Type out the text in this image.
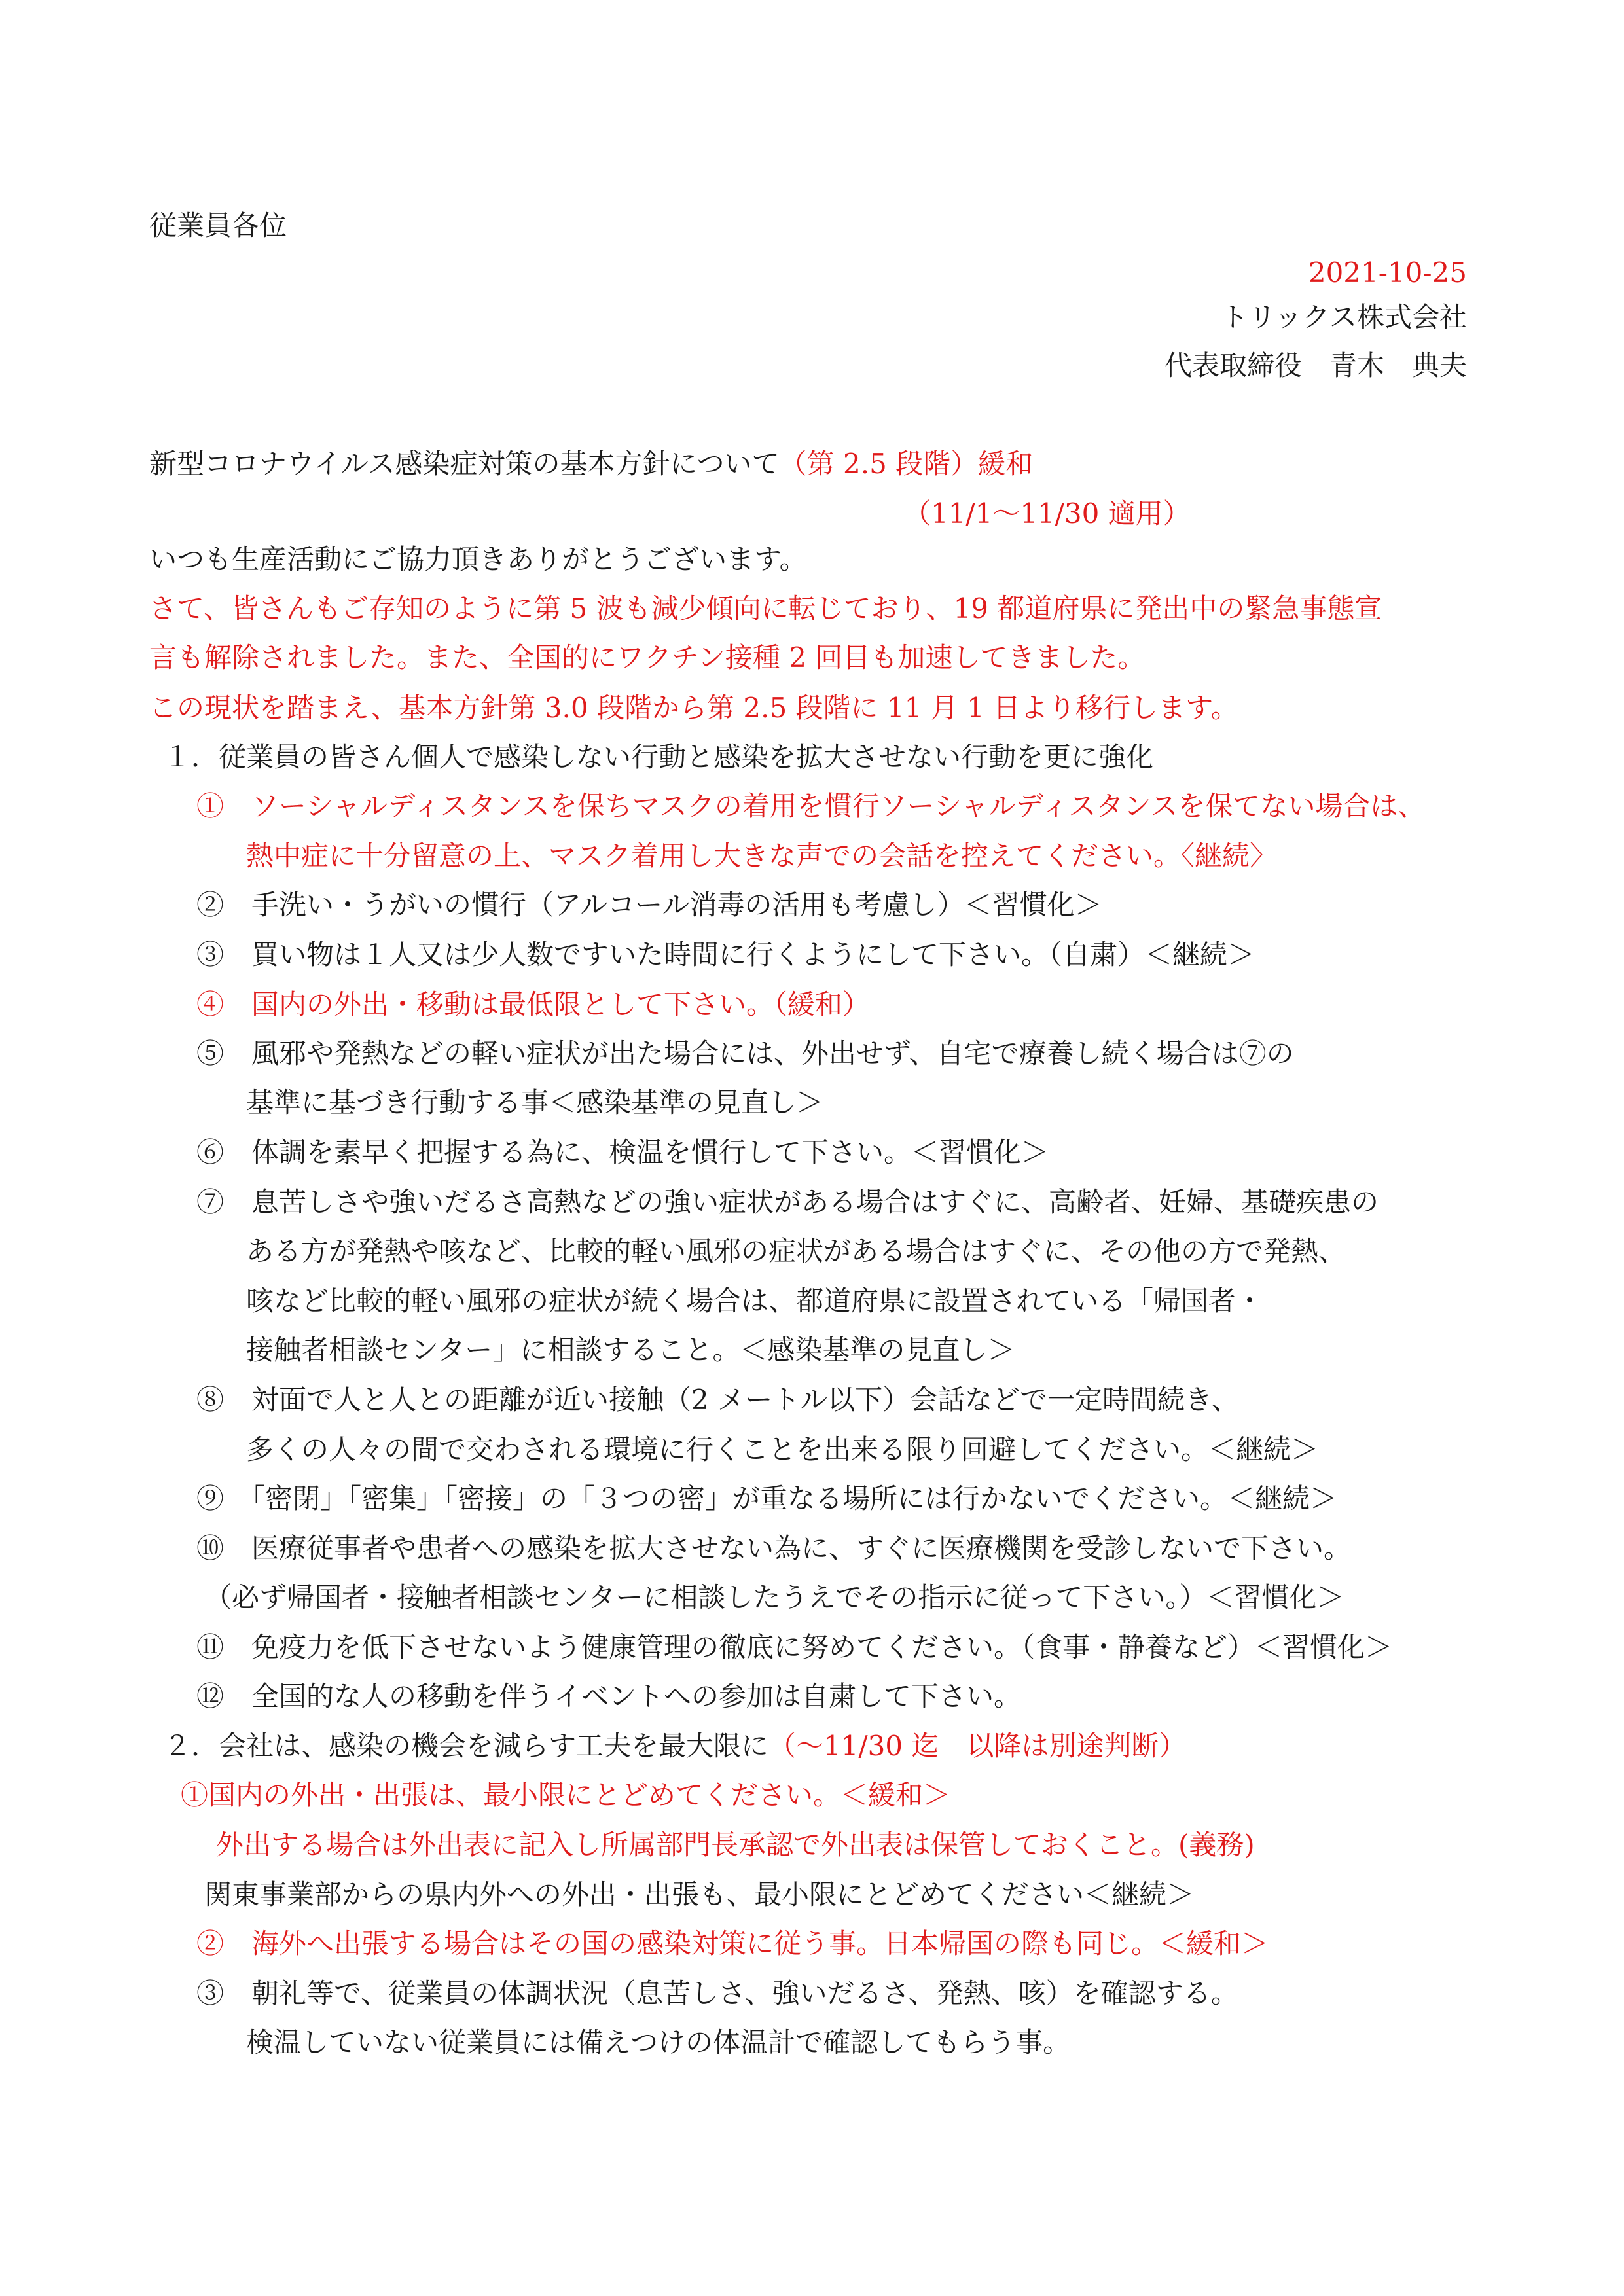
従業員各位
2021-10-25
トリックス株式会社
代表取締役　青木　典夫
新型コロナウイルス感染症対策の基本方針について（第 2.5 段階）緩和
（11/1～11/30 適用）
いつも生産活動にご協力頂きありがとうございます。
さて、皆さんもご存知のように第 5 波も減少傾向に転じており、19 都道府県に発出中の緊急事態宣
言も解除されました。また、全国的にワクチン接種 2 回目も加速してきました。
この現状を踏まえ、基本方針第 3.0 段階から第 2.5 段階に 11 月 1 日より移行します。
１．従業員の皆さん個人で感染しない行動と感染を拡大させない行動を更に強化
①　ソーシャルディスタンスを保ちマスクの着用を慣行ソーシャルディスタンスを保てない場合は、
熱中症に十分留意の上、マスク着用し大きな声での会話を控えてください。〈継続〉
②　手洗い・うがいの慣行（アルコール消毒の活用も考慮し）＜習慣化＞
③　買い物は１人又は少人数ですいた時間に行くようにして下さい。（自粛）＜継続＞
④　国内の外出・移動は最低限として下さい。（緩和）
⑤　風邪や発熱などの軽い症状が出た場合には、外出せず、自宅で療養し続く場合は⑦の
基準に基づき行動する事＜感染基準の見直し＞
⑥　体調を素早く把握する為に、検温を慣行して下さい。＜習慣化＞
⑦　息苦しさや強いだるさ高熱などの強い症状がある場合はすぐに、高齢者、妊婦、基礎疾患の
ある方が発熱や咳など、比較的軽い風邪の症状がある場合はすぐに、その他の方で発熱、
咳など比較的軽い風邪の症状が続く場合は、都道府県に設置されている「帰国者・
接触者相談センター」に相談すること。＜感染基準の見直し＞
⑧　対面で人と人との距離が近い接触（2 メートル以下）会話などで一定時間続き、
多くの人々の間で交わされる環境に行くことを出来る限り回避してください。＜継続＞
⑨　「密閉」「密集」「密接」の「３つの密」が重なる場所には行かないでください。＜継続＞
⑩　医療従事者や患者への感染を拡大させない為に、すぐに医療機関を受診しないで下さい。
（必ず帰国者・接触者相談センターに相談したうえでその指示に従って下さい。）＜習慣化＞
⑪　免疫力を低下させないよう健康管理の徹底に努めてください。（食事・静養など）＜習慣化＞
⑫　全国的な人の移動を伴うイベントへの参加は自粛して下さい。
２．会社は、感染の機会を減らす工夫を最大限に（～11/30 迄　以降は別途判断）
①国内の外出・出張は、最小限にとどめてください。＜緩和＞
外出する場合は外出表に記入し所属部門長承認で外出表は保管しておくこと。(義務)
関東事業部からの県内外への外出・出張も、最小限にとどめてください＜継続＞
②　海外へ出張する場合はその国の感染対策に従う事。日本帰国の際も同じ。＜緩和＞
③　朝礼等で、従業員の体調状況（息苦しさ、強いだるさ、発熱、咳）を確認する。
検温していない従業員には備えつけの体温計で確認してもらう事。
